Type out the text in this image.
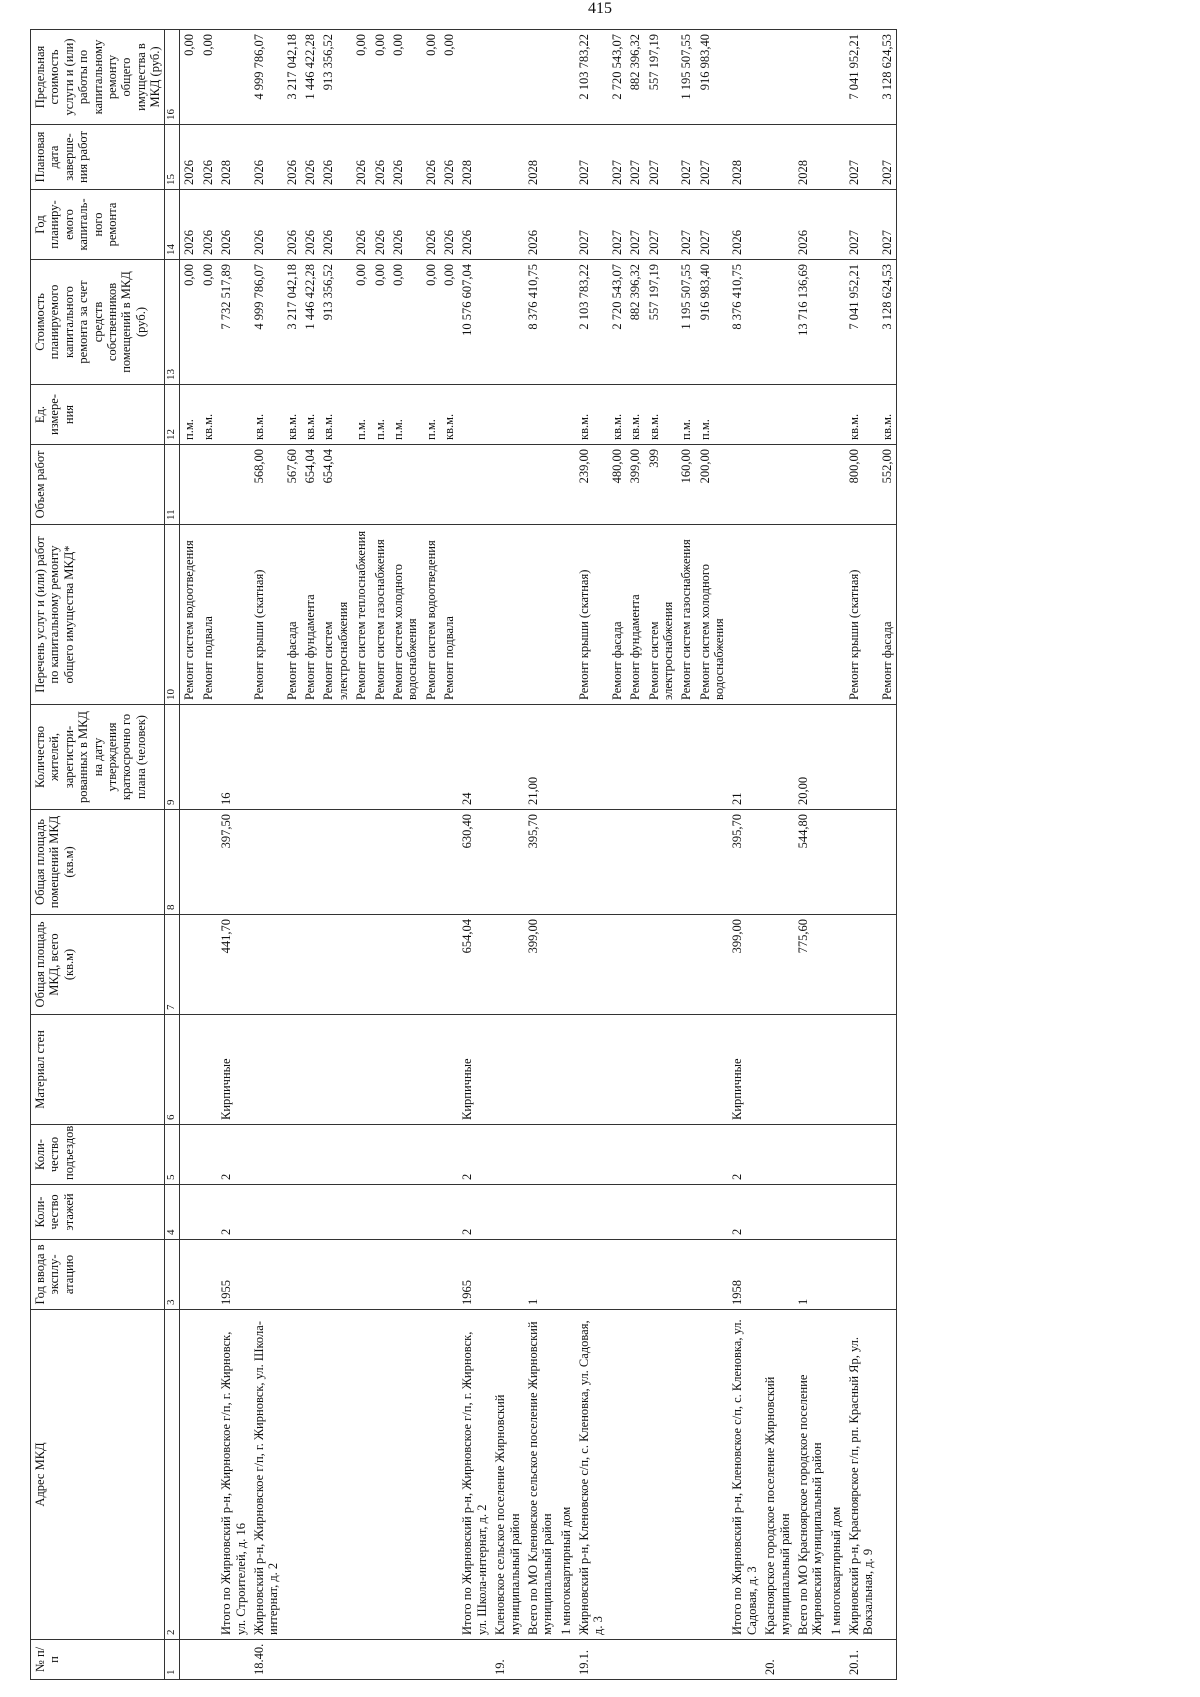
415
№ п/п	Адрес МКД	Год ввода в эксплу-атацию	Коли-чество этажей	Коли-чество подъездов	Материал стен	Общая площадь МКД, всего (кв.м)	Общая площадь помещений МКД (кв.м)	Количество жителей, зарегистри-рованных в МКД на дату утверждения краткосрочно го плана (человек)	Перечень услуг и (или) работ по капитальному ремонту общего имущества МКД*	Объем работ	Ед. измере-ния	Стоимость планируемого капитального ремонта за счет средств собственников помещений в МКД (руб.)	Год планиру-емого капиталь-ного ремонта	Плановая дата заверше-ния работ	Предельная стоимость услуги и (или) работы по капитальному ремонту общего имущества в МКД (руб.)
1	2	3	4	5	6	7	8	9	10	11	12	13	14	15	16
									Ремонт систем водоотведения		п.м.	0,00	2026	2026	0,00
									Ремонт подвала		кв.м.	0,00	2026	2026	0,00
	Итого по Жирновский р-н, Жирновское г/п, г. Жирновск, ул. Строителей, д. 16	1955	2	2	Кирпичные	441,70	397,50	16				7 732 517,89	2026	2028	
18.40.	Жирновский р-н, Жирновское г/п, г. Жирновск, ул. Школа-интернат, д. 2								Ремонт крыши (скатная)	568,00	кв.м.	4 999 786,07	2026	2026	4 999 786,07
									Ремонт фасада	567,60	кв.м.	3 217 042,18	2026	2026	3 217 042,18
									Ремонт фундамента	654,04	кв.м.	1 446 422,28	2026	2026	1 446 422,28
									Ремонт систем электроснабжения	654,04	кв.м.	913 356,52	2026	2026	913 356,52
									Ремонт систем теплоснабжения		п.м.	0,00	2026	2026	0,00
									Ремонт систем газоснабжения		п.м.	0,00	2026	2026	0,00
									Ремонт систем холодного водоснабжения		п.м.	0,00	2026	2026	0,00
									Ремонт систем водоотведения		п.м.	0,00	2026	2026	0,00
									Ремонт подвала		кв.м.	0,00	2026	2026	0,00
	Итого по Жирновский р-н, Жирновское г/п, г. Жирновск, ул. Школа-интернат, д. 2	1965	2	2	Кирпичные	654,04	630,40	24				10 576 607,04	2026	2028	
19.	Кленовское сельское поселение Жирновский муниципальный район														
	Всего по МО Кленовское сельское поселение Жирновский муниципальный район	1				399,00	395,70	21,00				8 376 410,75	2026	2028	
	1 многоквартирный дом														
19.1.	Жирновский р-н, Кленовское с/п, с. Кленовка, ул. Садовая, д. 3								Ремонт крыши (скатная)	239,00	кв.м.	2 103 783,22	2027	2027	2 103 783,22
									Ремонт фасада	480,00	кв.м.	2 720 543,07	2027	2027	2 720 543,07
									Ремонт фундамента	399,00	кв.м.	882 396,32	2027	2027	882 396,32
									Ремонт систем электроснабжения	399	кв.м.	557 197,19	2027	2027	557 197,19
									Ремонт систем газоснабжения	160,00	п.м.	1 195 507,55	2027	2027	1 195 507,55
									Ремонт систем холодного водоснабжения	200,00	п.м.	916 983,40	2027	2027	916 983,40
	Итого по Жирновский р-н, Кленовское с/п, с. Кленовка, ул. Садовая, д. 3	1958	2	2	Кирпичные	399,00	395,70	21				8 376 410,75	2026	2028	
20.	Красноярское городское поселение Жирновский муниципальный район														
	Всего по МО Красноярское городское поселение Жирновский муниципальный район	1				775,60	544,80	20,00				13 716 136,69	2026	2028	
	1 многоквартирный дом														
20.1.	Жирновский р-н, Красноярское г/п, рп. Красный Яр, ул. Вокзальная, д. 9								Ремонт крыши (скатная)	800,00	кв.м.	7 041 952,21	2027	2027	7 041 952,21
									Ремонт фасада	552,00	кв.м.	3 128 624,53	2027	2027	3 128 624,53
